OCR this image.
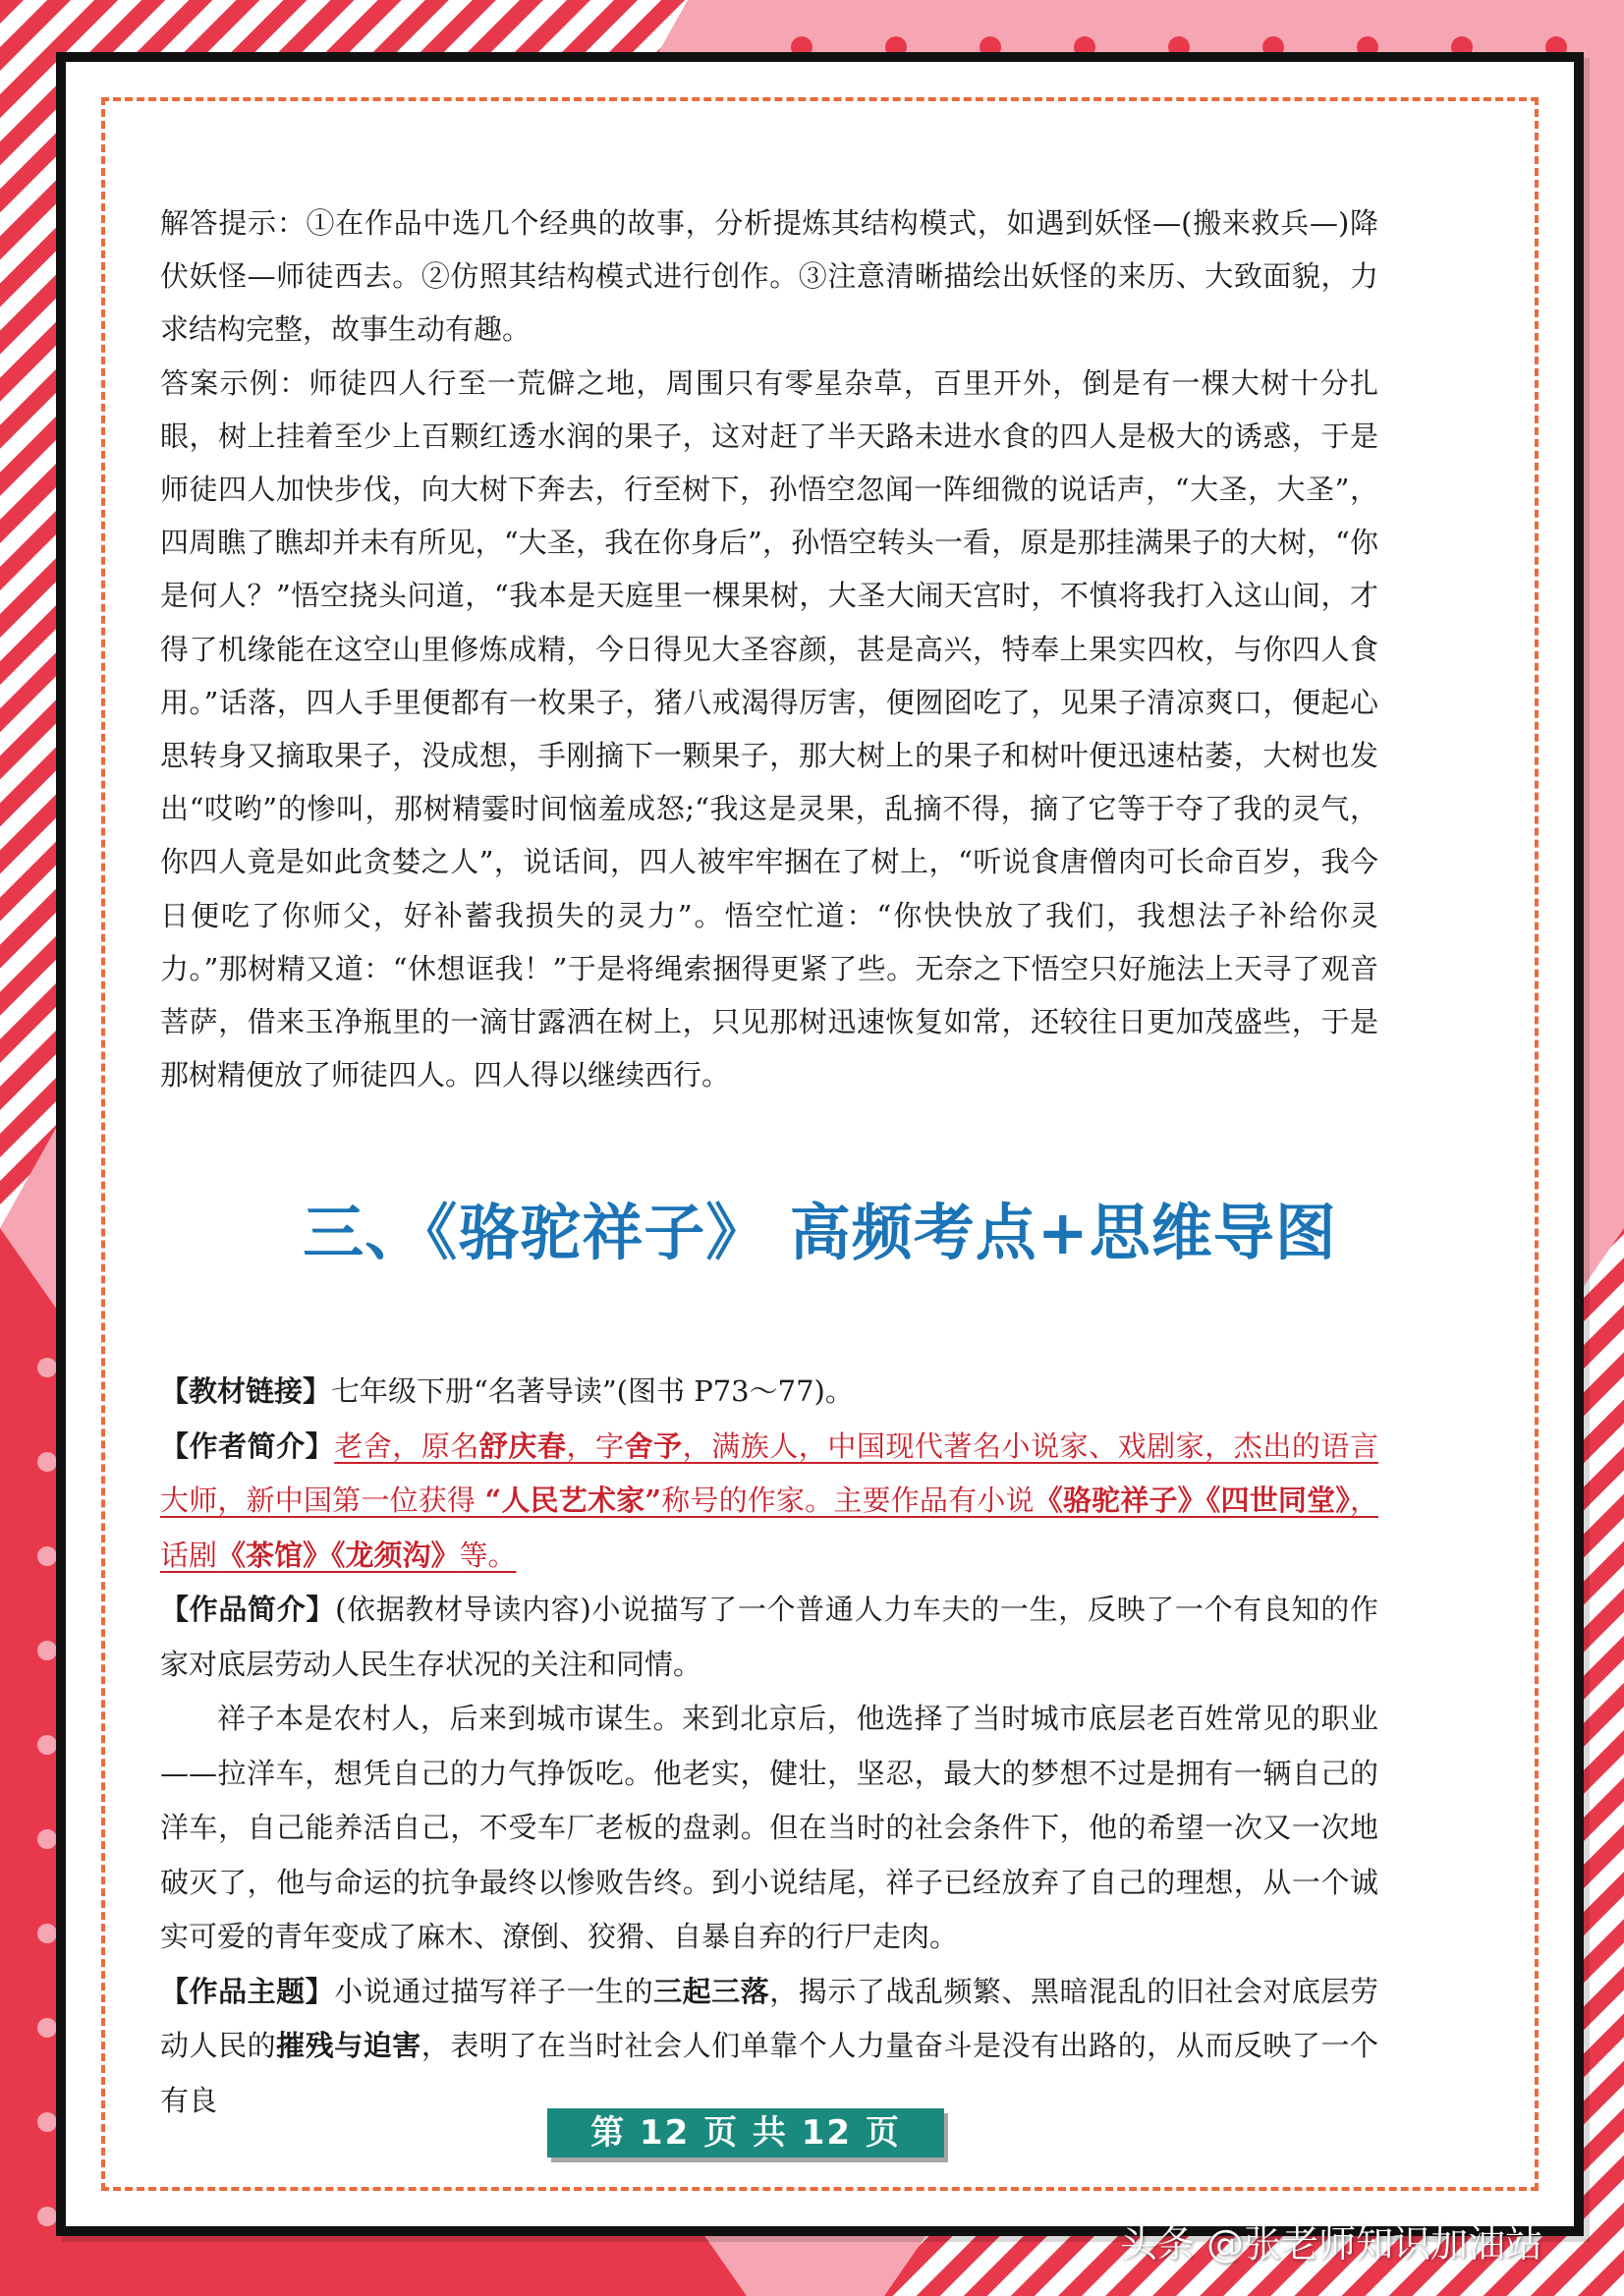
解答提示：①在作品中选几个经典的故事，分析提炼其结构模式，如遇到妖怪—(搬来救兵—)降伏妖怪—师徒西去。②仿照其结构模式进行创作。③注意清晰描绘出妖怪的来历、大致面貌，力求结构完整，故事生动有趣。

答案示例：师徒四人行至一荒僻之地，周围只有零星杂草，百里开外，倒是有一棵大树十分扎眼，树上挂着至少上百颗红透水润的果子，这对赶了半天路未进水食的四人是极大的诱惑，于是师徒四人加快步伐，向大树下奔去，行至树下，孙悟空忽闻一阵细微的说话声，“大圣，大圣”，四周瞧了瞧却并未有所见，“大圣，我在你身后”，孙悟空转头一看，原是那挂满果子的大树，“你是何人？”悟空挠头问道，“我本是天庭里一棵果树，大圣大闹天宫时，不慎将我打入这山间，才得了机缘能在这空山里修炼成精，今日得见大圣容颜，甚是高兴，特奉上果实四枚，与你四人食用。”话落，四人手里便都有一枚果子，猪八戒渴得厉害，便囫囵吃了，见果子清凉爽口，便起心思转身又摘取果子，没成想，手刚摘下一颗果子，那大树上的果子和树叶便迅速枯萎，大树也发出“哎哟”的惨叫，那树精霎时间恼羞成怒;“我这是灵果，乱摘不得，摘了它等于夺了我的灵气，你四人竟是如此贪婪之人”，说话间，四人被牢牢捆在了树上，“听说食唐僧肉可长命百岁，我今日便吃了你师父，好补蓄我损失的灵力”。悟空忙道：“你快快放了我们，我想法子补给你灵力。”那树精又道：“休想诓我！”于是将绳索捆得更紧了些。无奈之下悟空只好施法上天寻了观音菩萨，借来玉净瓶里的一滴甘露洒在树上，只见那树迅速恢复如常，还较往日更加茂盛些，于是那树精便放了师徒四人。四人得以继续西行。

三、《骆驼祥子》 高频考点+思维导图

【教材链接】七年级下册“名著导读”(图书 P73～77)。

【作者简介】老舍，原名舒庆春，字舍予，满族人，中国现代著名小说家、戏剧家，杰出的语言大师，新中国第一位获得 “人民艺术家”称号的作家。主要作品有小说《骆驼祥子》《四世同堂》，话剧《茶馆》《龙须沟》等。

【作品简介】(依据教材导读内容)小说描写了一个普通人力车夫的一生，反映了一个有良知的作家对底层劳动人民生存状况的关注和同情。

祥子本是农村人，后来到城市谋生。来到北京后，他选择了当时城市底层老百姓常见的职业——拉洋车，想凭自己的力气挣饭吃。他老实，健壮，坚忍，最大的梦想不过是拥有一辆自己的洋车，自己能养活自己，不受车厂老板的盘剥。但在当时的社会条件下，他的希望一次又一次地破灭了，他与命运的抗争最终以惨败告终。到小说结尾，祥子已经放弃了自己的理想，从一个诚实可爱的青年变成了麻木、潦倒、狡猾、自暴自弃的行尸走肉。

【作品主题】小说通过描写祥子一生的三起三落，揭示了战乱频繁、黑暗混乱的旧社会对底层劳动人民的摧残与迫害，表明了在当时社会人们单靠个人力量奋斗是没有出路的，从而反映了一个有良

第 12 页 共 12 页
头条 @张老师知识加油站
